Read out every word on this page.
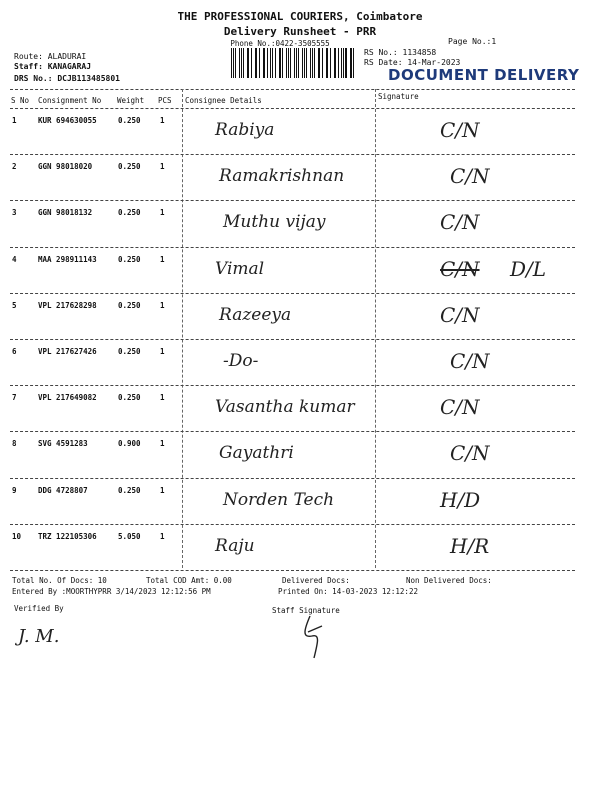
THE PROFESSIONAL COURIERS, Coimbatore
Delivery Runsheet - PRR
Phone No.:0422-3505555	Page No.:1
Route: ALADURAI
Staff: KANAGARAJ
DRS No.: DCJB113485801
RS No.: 1134858
RS Date: 14-Mar-2023
DOCUMENT DELIVERY
S No Consignment No Weight PCS Consignee Details	Signature
1	KUR 694630055	0.250	1	Rabiya	C/N
2	GGN 98018020	0.250	1	Ramakrishnan	C/N
3	GGN 98018132	0.250	1	Muthu vijay	C/N
4	MAA 298911143	0.250	1	Vimal	C/N D/L
5	VPL 217628298	0.250	1	Razeeya	C/N
6	VPL 217627426	0.250	1	-Do-	C/N
7	VPL 217649082	0.250	1	Vasantha kumar	C/N
8	SVG 4591283	0.900	1	Gayathri	C/N
9	DDG 4728807	0.250	1	Norden Tech	H/D
10 TRZ 122105306	5.050	1	Raju	H/R
Total No. Of Docs: 10	Total COD Amt: 0.00	Delivered Docs:	Non Delivered Docs:
Entered By :MOORTHYPRR 3/14/2023 12:12:56 PM	Printed On: 14-03-2023 12:12:22
Verified By	Staff Signature
J. M.
